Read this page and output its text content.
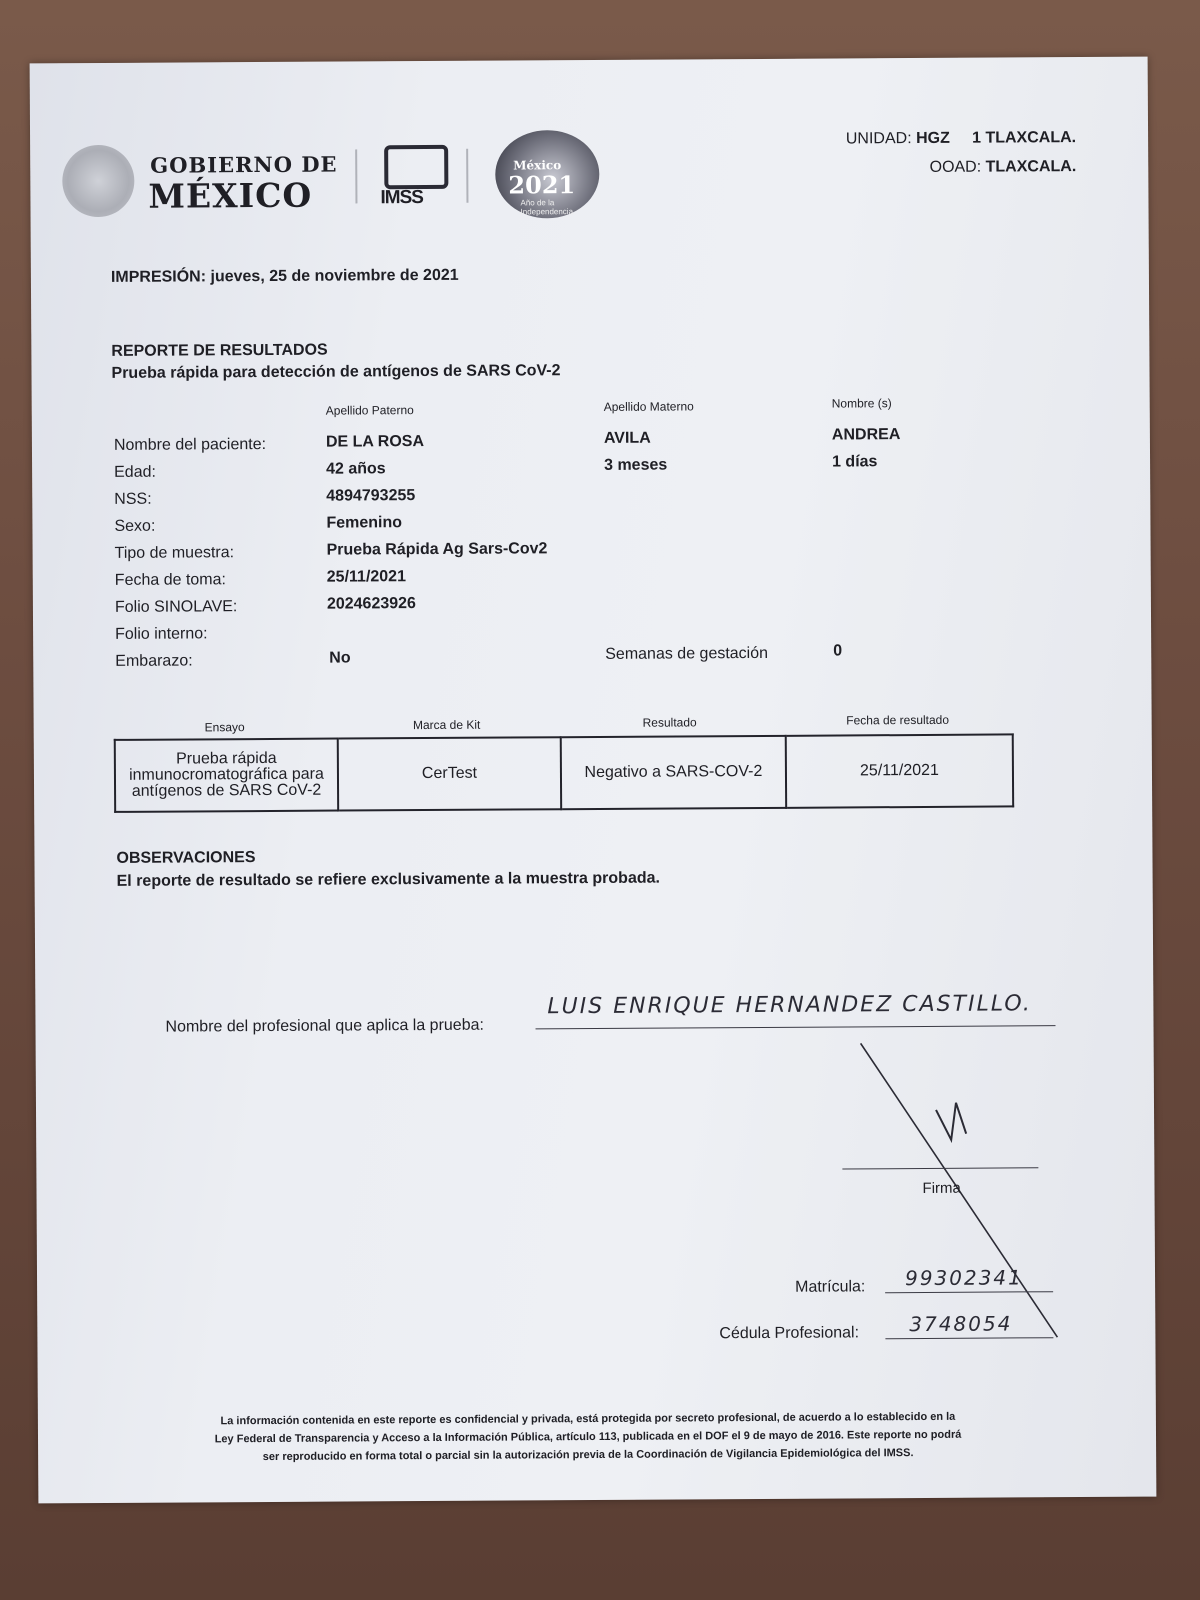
GOBIERNO DE
MÉXICO	IMSS
México
2021
Año de la Independencia
UNIDAD: HGZ 1 TLAXCALA.
OOAD: TLAXCALA.
IMPRESIÓN: jueves, 25 de noviembre de 2021
REPORTE DE RESULTADOS
Prueba rápida para detección de antígenos de SARS CoV-2
Apellido Paterno	Apellido Materno	Nombre (s)
Nombre del paciente:	DE LA ROSA	AVILA	ANDREA
Edad:	42 años	3 meses	1 días
NSS:	4894793255
Sexo:	Femenino
Tipo de muestra:	Prueba Rápida Ag Sars-Cov2
Fecha de toma:	25/11/2021
Folio SINOLAVE:	2024623926
Folio interno:
Embarazo:	No	Semanas de gestación	0
Ensayo	Marca de Kit	Resultado	Fecha de resultado
Prueba rápida inmunocromatográfica para antígenos de SARS CoV-2	CerTest	Negativo a SARS-COV-2	25/11/2021
OBSERVACIONES
El reporte de resultado se refiere exclusivamente a la muestra probada.
Nombre del profesional que aplica la prueba:
LUIS ENRIQUE HERNANDEZ CASTILLO.
Firma
Matrícula: 99302341
Cédula Profesional:	3748054
La información contenida en este reporte es confidencial y privada, está protegida por secreto profesional, de acuerdo a lo establecido en la
Ley Federal de Transparencia y Acceso a la Información Pública, artículo 113, publicada en el DOF el 9 de mayo de 2016. Este reporte no podrá
ser reproducido en forma total o parcial sin la autorización previa de la Coordinación de Vigilancia Epidemiológica del IMSS.
